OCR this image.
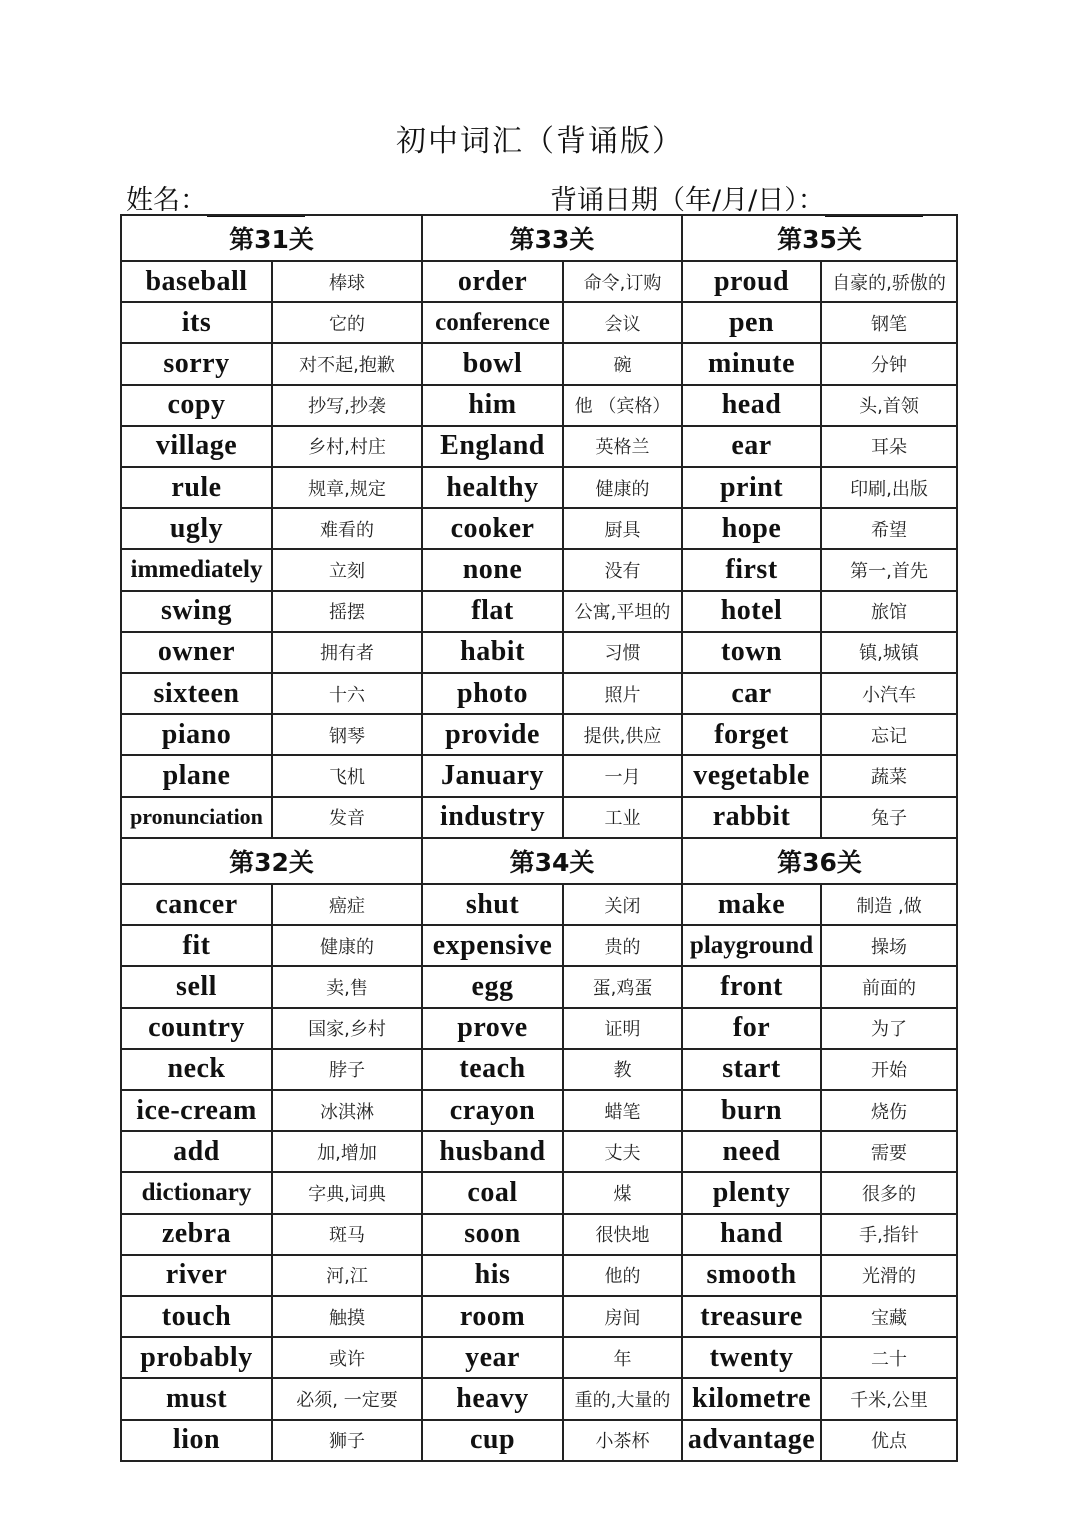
初中词汇（背诵版）
姓名：	背诵日期（年/月/日）：
第31关		第33关		第35关	
baseball	棒球	order	命令,订购	proud	自豪的,骄傲的
its	它的	conference	会议	pen	钢笔
sorry	对不起,抱歉	bowl	碗	minute	分钟
copy	抄写,抄袭	him	他 （宾格）	head	头,首领
village	乡村,村庄	England	英格兰	ear	耳朵
rule	规章,规定	healthy	健康的	print	印刷,出版
ugly	难看的	cooker	厨具	hope	希望
immediately	立刻	none	没有	first	第一,首先
swing	摇摆	flat	公寓,平坦的	hotel	旅馆
owner	拥有者	habit	习惯	town	镇,城镇
sixteen	十六	photo	照片	car	小汽车
piano	钢琴	provide	提供,供应	forget	忘记
plane	飞机	January	一月	vegetable	蔬菜
pronunciation	发音	industry	工业	rabbit	兔子
第32关		第34关		第36关	
cancer	癌症	shut	关闭	make	制造 ,做
fit	健康的	expensive	贵的	playground	操场
sell	卖,售	egg	蛋,鸡蛋	front	前面的
country	国家,乡村	prove	证明	for	为了
neck	脖子	teach	教	start	开始
ice-cream	冰淇淋	crayon	蜡笔	burn	烧伤
add	加,增加	husband	丈夫	need	需要
dictionary	字典,词典	coal	煤	plenty	很多的
zebra	斑马	soon	很快地	hand	手,指针
river	河,江	his	他的	smooth	光滑的
touch	触摸	room	房间	treasure	宝藏
probably	或许	year	年	twenty	二十
must	必须, 一定要	heavy	重的,大量的	kilometre	千米,公里
lion	狮子	cup	小茶杯	advantage	优点
